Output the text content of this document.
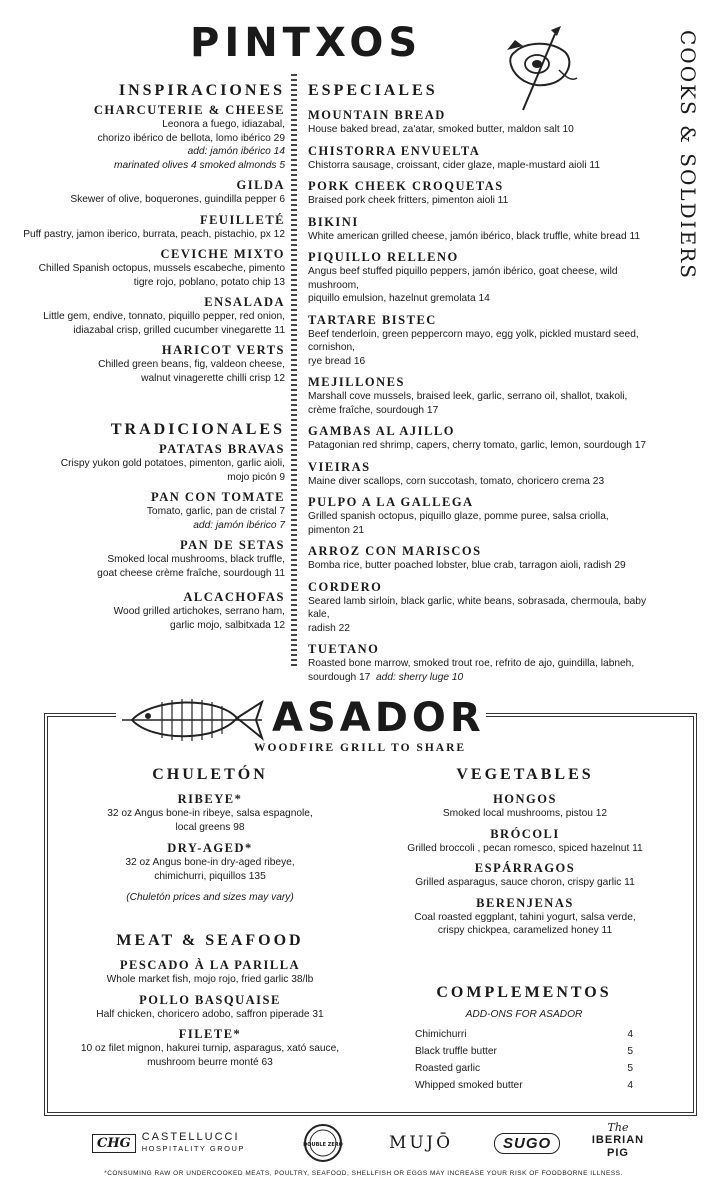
PINTXOS	COOKS & SOLDIERS
INSPIRACIONES
CHARCUTERIE & CHEESE
Leonora a fuego, idiazabal,
chorizo ibérico de bellota, lomo ibérico 29
add: jamón ibérico 14
marinated olives 4 smoked almonds 5
GILDA
Skewer of olive, boquerones, guindilla pepper 6
FEUILLETÉ
Puff pastry, jamon iberico, burrata, peach, pistachio, px 12
CEVICHE MIXTO
Chilled Spanish octopus, mussels escabeche, pimento
tigre rojo, poblano, potato chip 13
ENSALADA
Little gem, endive, tonnato, piquillo pepper, red onion,
idiazabal crisp, grilled cucumber vinegarette 11
HARICOT VERTS
Chilled green beans, fig, valdeon cheese,
walnut vinagerette chilli crisp 12
TRADICIONALES
PATATAS BRAVAS
Crispy yukon gold potatoes, pimenton, garlic aioli,
mojo picón 9
PAN CON TOMATE
Tomato, garlic, pan de cristal 7
add: jamón ibérico 7
PAN DE SETAS
Smoked local mushrooms, black truffle,
goat cheese crème fraîche, sourdough 11
ALCACHOFAS
Wood grilled artichokes, serrano ham,
garlic mojo, salbitxada 12
ESPECIALES
MOUNTAIN BREAD
House baked bread, za'atar, smoked butter, maldon salt 10
CHISTORRA ENVUELTA
Chistorra sausage, croissant, cider glaze, maple-mustard aioli 11
PORK CHEEK CROQUETAS
Braised pork cheek fritters, pimenton aioli 11
BIKINI
White american grilled cheese, jamón ibérico, black truffle, white bread 11
PIQUILLO RELLENO
Angus beef stuffed piquillo peppers, jamón ibérico, goat cheese, wild mushroom,
piquillo emulsion, hazelnut gremolata 14
TARTARE BISTEC
Beef tenderloin, green peppercorn mayo, egg yolk, pickled mustard seed, cornishon,
rye bread 16
MEJILLONES
Marshall cove mussels, braised leek, garlic, serrano oil, shallot, txakoli,
crème fraîche, sourdough 17
GAMBAS AL AJILLO
Patagonian red shrimp, capers, cherry tomato, garlic, lemon, sourdough 17
VIEIRAS
Maine diver scallops, corn succotash, tomato, choricero crema 23
PULPO A LA GALLEGA
Grilled spanish octopus, piquillo glaze, pomme puree, salsa criolla, pimenton 21
ARROZ CON MARISCOS
Bomba rice, butter poached lobster, blue crab, tarragon aioli, radish 29
CORDERO
Seared lamb sirloin, black garlic, white beans, sobrasada, chermoula, baby kale,
radish 22
TUETANO
Roasted bone marrow, smoked trout roe, refrito de ajo, guindilla, labneh,
sourdough 17 add: sherry luge 10
ASADOR
WOODFIRE GRILL TO SHARE
CHULETÓN
RIBEYE*
32 oz Angus bone-in ribeye, salsa espagnole,
local greens 98
DRY-AGED*
32 oz Angus bone-in dry-aged ribeye,
chimichurri, piquillos 135
(Chuletón prices and sizes may vary)
MEAT & SEAFOOD
PESCADO À LA PARILLA
Whole market fish, mojo rojo, fried garlic 38/lb
POLLO BASQUAISE
Half chicken, choricero adobo, saffron piperade 31
FILETE*
10 oz filet mignon, hakurei turnip, asparagus, xató sauce,
mushroom beurre monté 63
VEGETABLES
HONGOS
Smoked local mushrooms, pistou 12
BRÓCOLI
Grilled broccoli , pecan romesco, spiced hazelnut 11
ESPÁRRAGOS
Grilled asparagus, sauce choron, crispy garlic 11
BERENJENAS
Coal roasted eggplant, tahini yogurt, salsa verde,
crispy chickpea, caramelized honey 11
COMPLEMENTOS
ADD-ONS FOR ASADOR
Chimichurri	4
Black truffle butter	5
Roasted garlic	5
Whipped smoked butter	4
CHG	CASTELLUCCI
HOSPITALITY GROUP	DOUBLE ZERO	MUJŌ	SUGO
The
IBERIAN
PIG
*CONSUMING RAW OR UNDERCOOKED MEATS, POULTRY, SEAFOOD, SHELLFISH OR EGGS MAY INCREASE YOUR RISK OF FOODBORNE ILLNESS.
